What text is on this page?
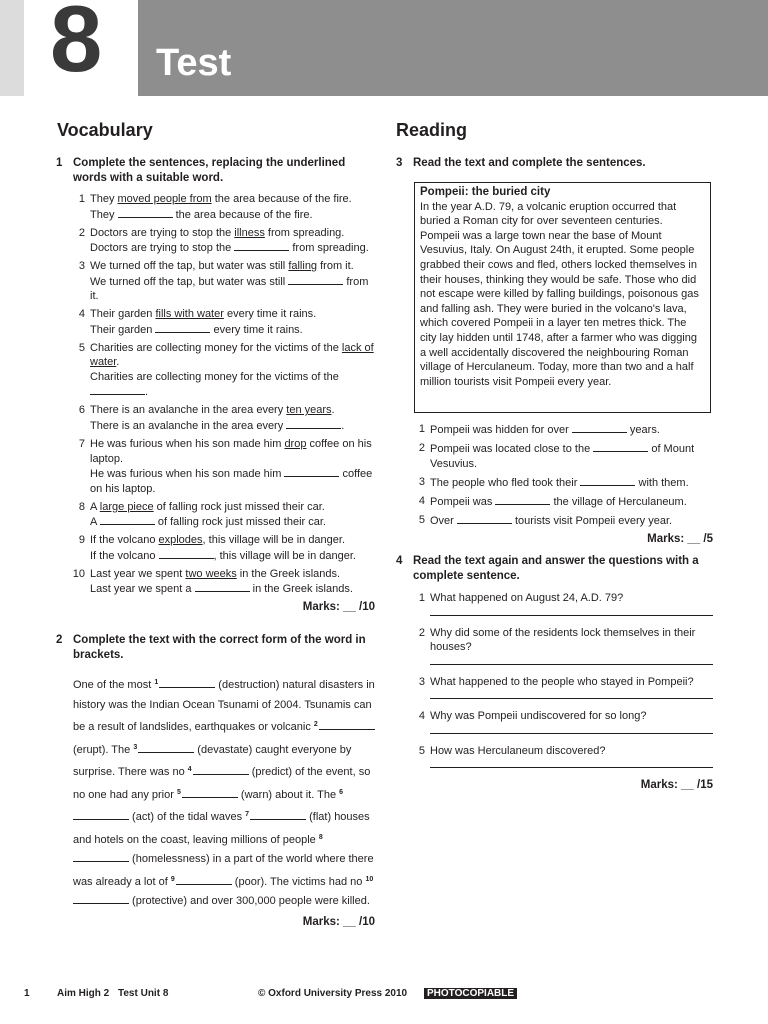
8 Test
Vocabulary
1 Complete the sentences, replacing the underlined words with a suitable word.
1 They moved people from the area because of the fire.
They	the area because of the fire.
2 Doctors are trying to stop the illness from spreading.
Doctors are trying to stop the	from spreading.
3 We turned off the tap, but water was still falling from it.
We turned off the tap, but water was still	from it.
4 Their garden fills with water every time it rains.
Their garden	every time it rains.
5 Charities are collecting money for the victims of the lack of water.
Charities are collecting money for the victims of the .
6 There is an avalanche in the area every ten years.
There is an avalanche in the area every	.
7 He was furious when his son made him drop coffee on his laptop.
He was furious when his son made him	coffee on his laptop.
8 A large piece of falling rock just missed their car.
A	of falling rock just missed their car.
9 If the volcano explodes, this village will be in danger.
If the volcano	, this village will be in danger.
10 Last year we spent two weeks in the Greek islands.
Last year we spent a	in the Greek islands.
Marks: __ /10
2 Complete the text with the correct form of the word in brackets.
One of the most $^1$	(destruction) natural disasters in history was the Indian Ocean Tsunami of 2004. Tsunamis can be a result of landslides, earthquakes or volcanic $^2$ (erupt). The $^3$	(devastate) caught everyone by surprise. There was no $^4$	(predict) of the event, so no one had any prior $^5$	(warn) about it. The $^6$ (act) of the tidal waves $^7$	(flat) houses and hotels on the coast, leaving millions of people $^8$ (homelessness) in a part of the world where there was already a lot of $^9$	(poor). The victims had no $^{10}$ (protective) and over 300,000 people were killed.
Marks: __ /10
Reading
3 Read the text and complete the sentences.
Pompeii: the buried city
In the year A.D. 79, a volcanic eruption occurred that buried a Roman city for over seventeen centuries. Pompeii was a large town near the base of Mount Vesuvius, Italy. On August 24th, it erupted. Some people grabbed their cows and fled, others locked themselves in their houses, thinking they would be safe. Those who did not escape were killed by falling buildings, poisonous gas and falling ash. They were buried in the volcano's lava, which covered Pompeii in a layer ten metres thick. The city lay hidden until 1748, after a farmer who was digging a well accidentally discovered the neighbouring Roman village of Herculaneum. Today, more than two and a half million tourists visit Pompeii every year.
1 Pompeii was hidden for over	years.
2 Pompeii was located close to the	of Mount Vesuvius.
3 The people who fled took their	with them.
4 Pompeii was	the village of Herculaneum.
5 Over	tourists visit Pompeii every year.
Marks: __ /5
4 Read the text again and answer the questions with a complete sentence.
1 What happened on August 24, A.D. 79?
2 Why did some of the residents lock themselves in their houses?
3 What happened to the people who stayed in Pompeii?
4 Why was Pompeii undiscovered for so long?
5 How was Herculaneum discovered?
Marks: __ /15
1	Aim High 2 Test Unit 8	© Oxford University Press 2010	PHOTOCOPIABLE
